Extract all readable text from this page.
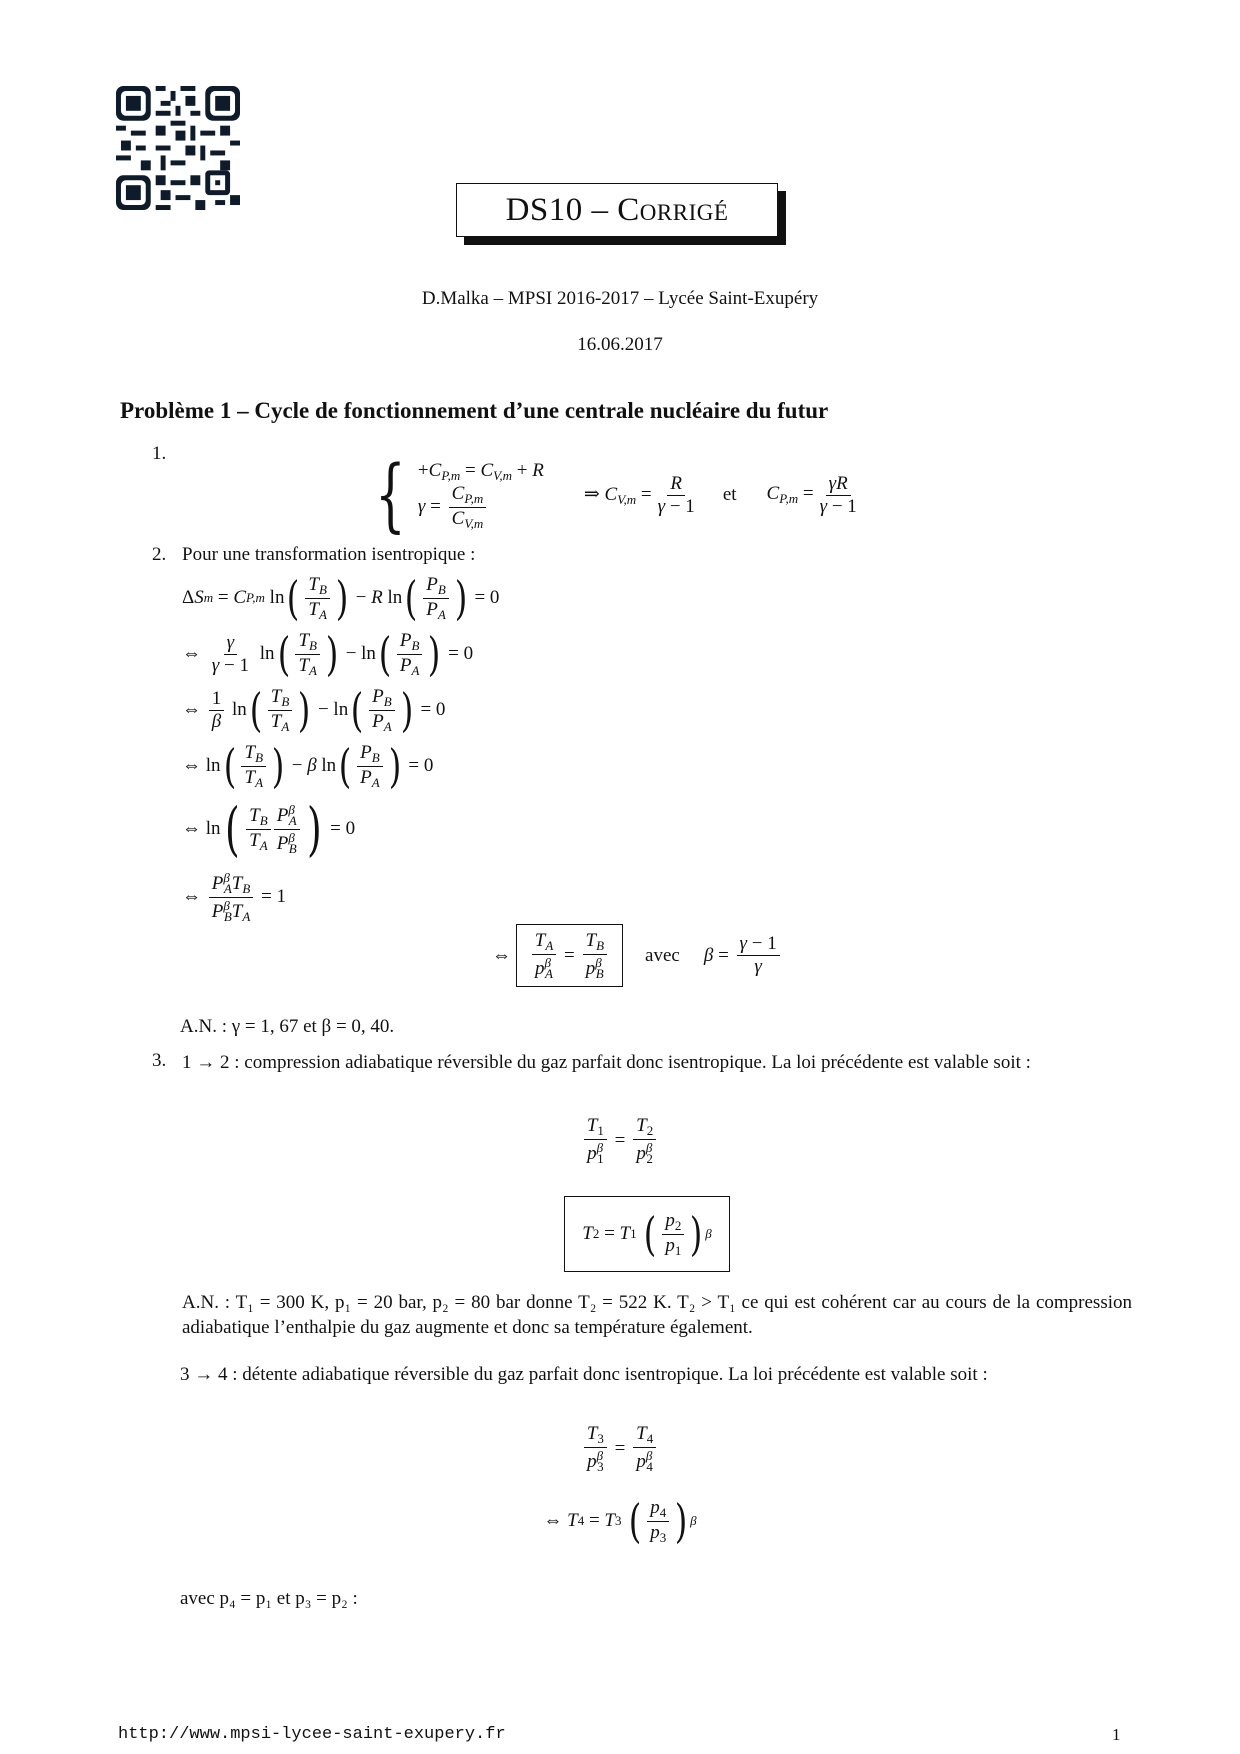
DS10 – Corrigé
D.Malka – MPSI 2016-2017 – Lycée Saint-Exupéry
16.06.2017
Problème 1 – Cycle de fonctionnement d’une centrale nucléaire du futur
1.	{ $+C_{P,m} = C_{V,m} + R$
$\gamma = \frac{C_{P,m}}{C_{V,m}}$	⇒ $C_{V,m} = \frac{R}{\gamma - 1}$ et $C_{P,m} = \frac{\gamma R}{\gamma - 1}$
2. Pour une transformation isentropique :
Δ S m = C P,m ln ( $\frac{T_B}{T_A}$ ) − R ln ( $\frac{P_B}{P_A}$ ) = 0
⇔ $\frac{\gamma}{\gamma - 1}$ ln ( $\frac{T_B}{T_A}$ ) − ln ( $\frac{P_B}{P_A}$ ) = 0
⇔ $\frac{1}{\beta}$ ln ( $\frac{T_B}{T_A}$ ) − ln ( $\frac{P_B}{P_A}$ ) = 0
⇔ ln ( $\frac{T_B}{T_A}$ ) − β ln ( $\frac{P_B}{P_A}$ ) = 0
⇔ ln ( $\frac{T_B}{T_A} \frac{P^\beta_A}{P^\beta_B}$ ) = 0
⇔ $\frac{P^\beta_AT_B}{P^\beta_BT_A} = 1$
⇔ $\frac{T_A}{p^\beta_A} = \frac{T_B}{p^\beta_B}$ avec $\beta = \frac{\gamma - 1}{\gamma}$
A.N. : γ = 1, 67 et β = 0, 40.
3. 1 → 2 : compression adiabatique réversible du gaz parfait donc isentropique. La loi précédente est valable soit :
$\frac{T_1}{p^\beta_1} = \frac{T_2}{p^\beta_2}$
T 2 = T 1
( $\frac{p_2}{p_1}$ ) β
A.N. : T₁ = 300 K, p₁ = 20 bar, p₂ = 80 bar donne T₂ = 522 K. T₂ > T₁ ce qui est cohérent car au cours de la compression adiabatique l’enthalpie du gaz augmente et donc sa température également.
3 → 4 : détente adiabatique réversible du gaz parfait donc isentropique. La loi précédente est valable soit :
$\frac{T_3}{p^\beta_3} = \frac{T_4}{p^\beta_4}$
⇔ T 4 = T 3
( $\frac{p_4}{p_3}$ ) β
avec p₄ = p₁ et p₃ = p₂ :
http://www.mpsi-lycee-saint-exupery.fr	1
